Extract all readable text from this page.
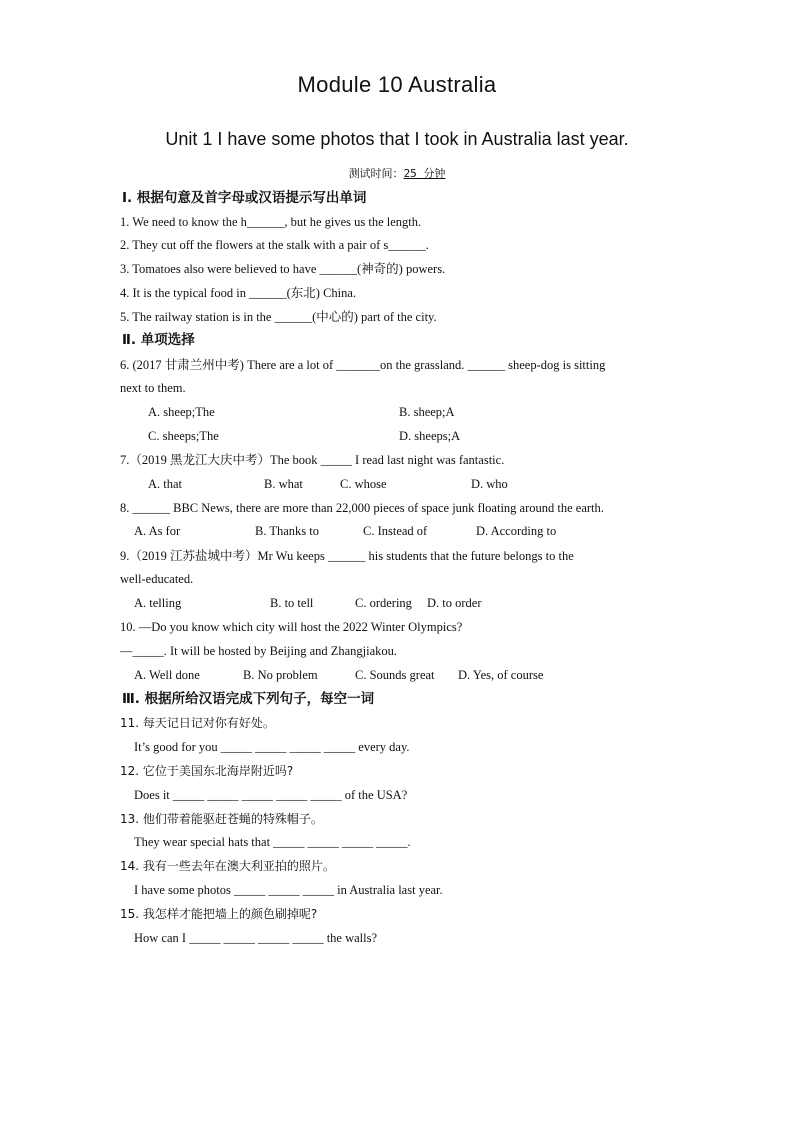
Module 10 Australia
Unit 1 I have some photos that I took in Australia last year.
测试时间：25 分钟
Ⅰ. 根据句意及首字母或汉语提示写出单词
1. We need to know the h______, but he gives us the length.
2. They cut off the flowers at the stalk with a pair of s______.
3. Tomatoes also were believed to have ______(神奇的) powers.
4. It is the typical food in ______(东北) China.
5. The railway station is in the ______(中心的) part of the city.
Ⅱ. 单项选择
6. (2017 甘肃兰州中考) There are a lot of _______on the grassland. ______ sheep-dog is sitting
next to them.
A. sheep;The	B. sheep;A
C. sheeps;The	D. sheeps;A
7.（2019 黑龙江大庆中考）The book _____ I read last night was fantastic.
A. that	B. what	C. whose	D. who
8. ______ BBC News, there are more than 22,000 pieces of space junk floating around the earth.
A. As for	B. Thanks to	C. Instead of	D. According to
9.（2019 江苏盐城中考）Mr Wu keeps ______ his students that the future belongs to the
well-educated.
A. telling	B. to tell	C. ordering D. to order
10. —Do you know which city will host the 2022 Winter Olympics?
—_____. It will be hosted by Beijing and Zhangjiakou.
A. Well done	B. No problem	C. Sounds great D. Yes, of course
Ⅲ. 根据所给汉语完成下列句子，每空一词
11. 每天记日记对你有好处。
It’s good for you _____ _____ _____ _____ every day.
12. 它位于美国东北海岸附近吗?
Does it _____ _____ _____ _____ _____ of the USA?
13. 他们带着能驱赶苍蝇的特殊帽子。
They wear special hats that _____ _____ _____ _____.
14. 我有一些去年在澳大利亚拍的照片。
I have some photos _____ _____ _____ in Australia last year.
15. 我怎样才能把墙上的颜色刷掉呢?
How can I _____ _____ _____ _____ the walls?
